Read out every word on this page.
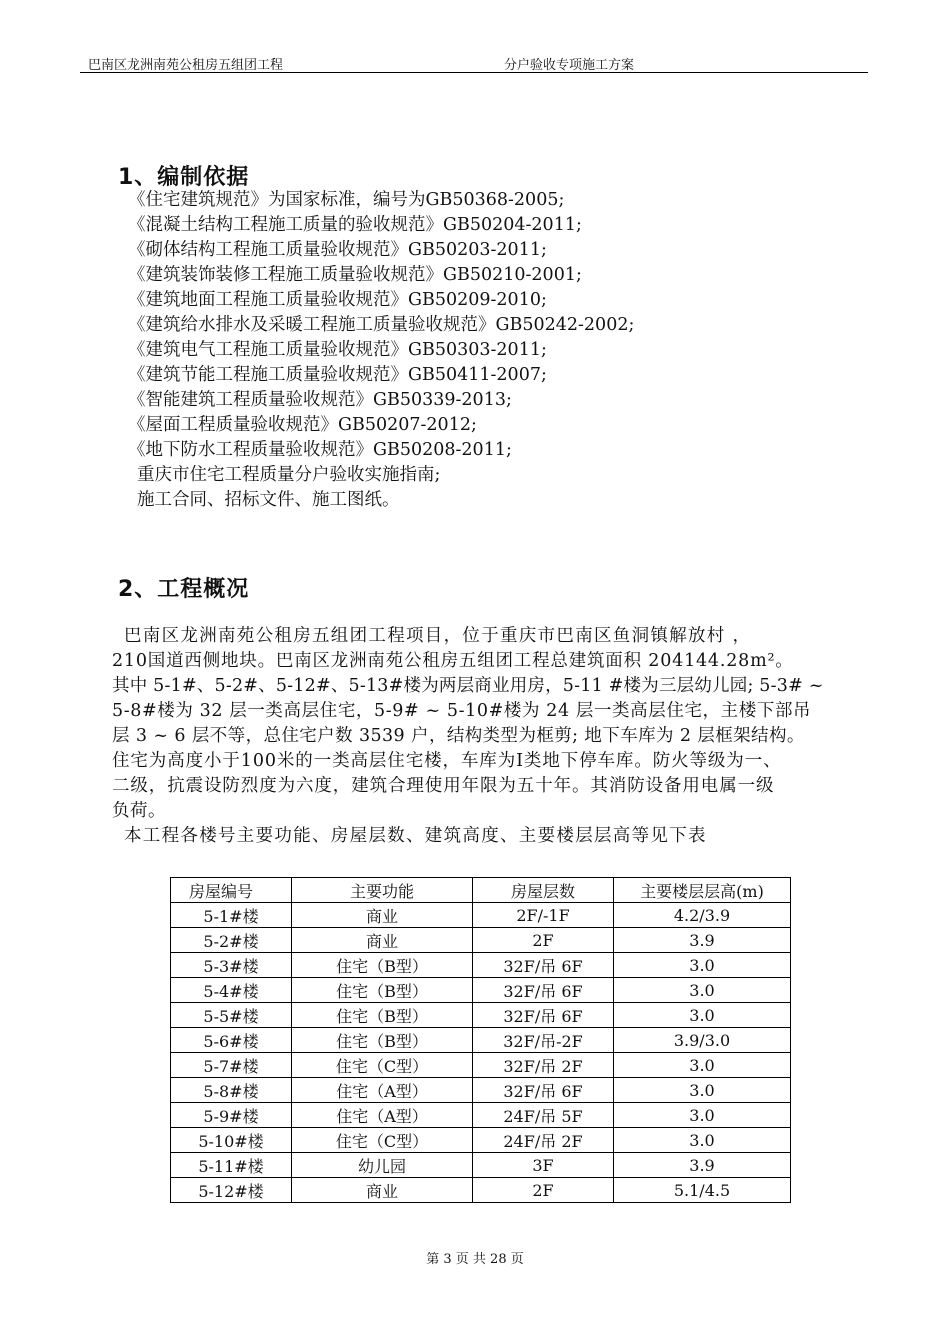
巴南区龙洲南苑公租房五组团工程	分户验收专项施工方案
1、编制依据
《住宅建筑规范》为国家标准，编号为GB50368-2005;
《混凝土结构工程施工质量的验收规范》GB50204-2011;
《砌体结构工程施工质量验收规范》GB50203-2011;
《建筑装饰装修工程施工质量验收规范》GB50210-2001;
《建筑地面工程施工质量验收规范》GB50209-2010;
《建筑给水排水及采暖工程施工质量验收规范》GB50242-2002;
《建筑电气工程施工质量验收规范》GB50303-2011;
《建筑节能工程施工质量验收规范》GB50411-2007;
《智能建筑工程质量验收规范》GB50339-2013;
《屋面工程质量验收规范》GB50207-2012;
《地下防水工程质量验收规范》GB50208-2011;
重庆市住宅工程质量分户验收实施指南;
施工合同、招标文件、施工图纸。
2、工程概况
巴南区龙洲南苑公租房五组团工程项目，位于重庆市巴南区鱼洞镇解放村 ，
210国道西侧地块。巴南区龙洲南苑公租房五组团工程总建筑面积 204144.28m²。
其中 5-1#、5-2#、5-12#、5-13#楼为两层商业用房，5-11 #楼为三层幼儿园; 5-3# ~
5-8#楼为 32 层一类高层住宅，5-9# ~ 5-10#楼为 24 层一类高层住宅，主楼下部吊
层 3 ~ 6 层不等，总住宅户数 3539 户，结构类型为框剪; 地下车库为 2 层框架结构。
住宅为高度小于100米的一类高层住宅楼，车库为Ⅰ类地下停车库。防火等级为一、
二级，抗震设防烈度为六度，建筑合理使用年限为五十年。其消防设备用电属一级
负荷。
本工程各楼号主要功能、房屋层数、建筑高度、主要楼层层高等见下表
房屋编号	主要功能	房屋层数	主要楼层层高(m)
5-1#楼	商业	2F/-1F	4.2/3.9
5-2#楼	商业	2F	3.9
5-3#楼	住宅（B型）	32F/吊 6F	3.0
5-4#楼	住宅（B型）	32F/吊 6F	3.0
5-5#楼	住宅（B型）	32F/吊 6F	3.0
5-6#楼	住宅（B型）	32F/吊-2F	3.9/3.0
5-7#楼	住宅（C型）	32F/吊 2F	3.0
5-8#楼	住宅（A型）	32F/吊 6F	3.0
5-9#楼	住宅（A型）	24F/吊 5F	3.0
5-10#楼	住宅（C型）	24F/吊 2F	3.0
5-11#楼	幼儿园	3F	3.9
5-12#楼	商业	2F	5.1/4.5
第 3 页 共 28 页
